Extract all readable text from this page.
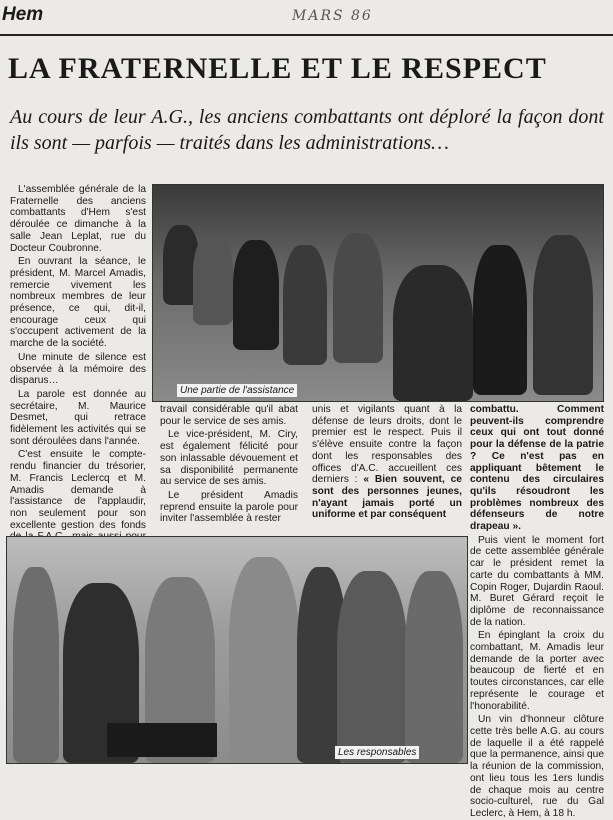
Hem	MARS 86
LA FRATERNELLE ET LE RESPECT
Au cours de leur A.G., les anciens combattants ont déploré la façon dont ils sont — parfois — traités dans les administrations…

L'assemblée générale de la Fraternelle des anciens combattants d'Hem s'est déroulée ce dimanche à la salle Jean Leplat, rue du Docteur Coubronne.

En ouvrant la séance, le président, M. Marcel Amadis, remercie vivement les nombreux membres de leur présence, ce qui, dit-il, encourage ceux qui s'occupent activement de la marche de la société.

Une minute de silence est observée à la mémoire des disparus…

La parole est donnée au secrétaire, M. Maurice Desmet, qui retrace fidèlement les activités qui se sont déroulées dans l'année.

C'est ensuite le compte-rendu financier du trésorier, M. Francis Leclercq et M. Amadis demande à l'assistance de l'applaudir, non seulement pour son excellente gestion des fonds

Une partie de l'assistance

travail considérable qu'il abat pour le service de ses amis.

Le vice-président, M. Ciry, est également félicité pour son inlassable dévouement et sa disponibilité permanente au service de ses amis.

Le président Amadis reprend ensuite la parole pour inviter l'assemblée à rester

unis et vigilants quant à la défense de leurs droits, dont le premier est le respect. Puis il s'élève ensuite contre la façon dont les responsables des offices d'A.C. accueillent ces derniers : « Bien souvent, ce sont des personnes jeunes, n'ayant jamais porté un uniforme et par conséquent

combattu. Comment peuvent-ils comprendre ceux qui ont tout donné pour la défense de la patrie ? Ce n'est pas en appliquant bêtement le contenu des circulaires qu'ils résoudront les problèmes nombreux des défenseurs de notre drapeau ».

Puis vient le moment fort de cette assemblée générale car le président remet la carte du combattants à MM. Copin Roger, Dujardin Raoul. M. Buret Gérard reçoit le diplôme de reconnaissance de la nation.

En épinglant la croix du combattant, M. Amadis leur demande de la porter avec beaucoup de fierté et en toutes circonstances, car elle représente le courage et l'honorabilité.

Un vin d'honneur clôture cette très belle A.G. au cours de laquelle il a été rappelé que la permanence, ainsi que la réunion de la commission, ont lieu tous les 1ers lundis de chaque mois au centre socio-culturel, rue du Gal Leclerc, à Hem, à 18 h.

Les responsables
